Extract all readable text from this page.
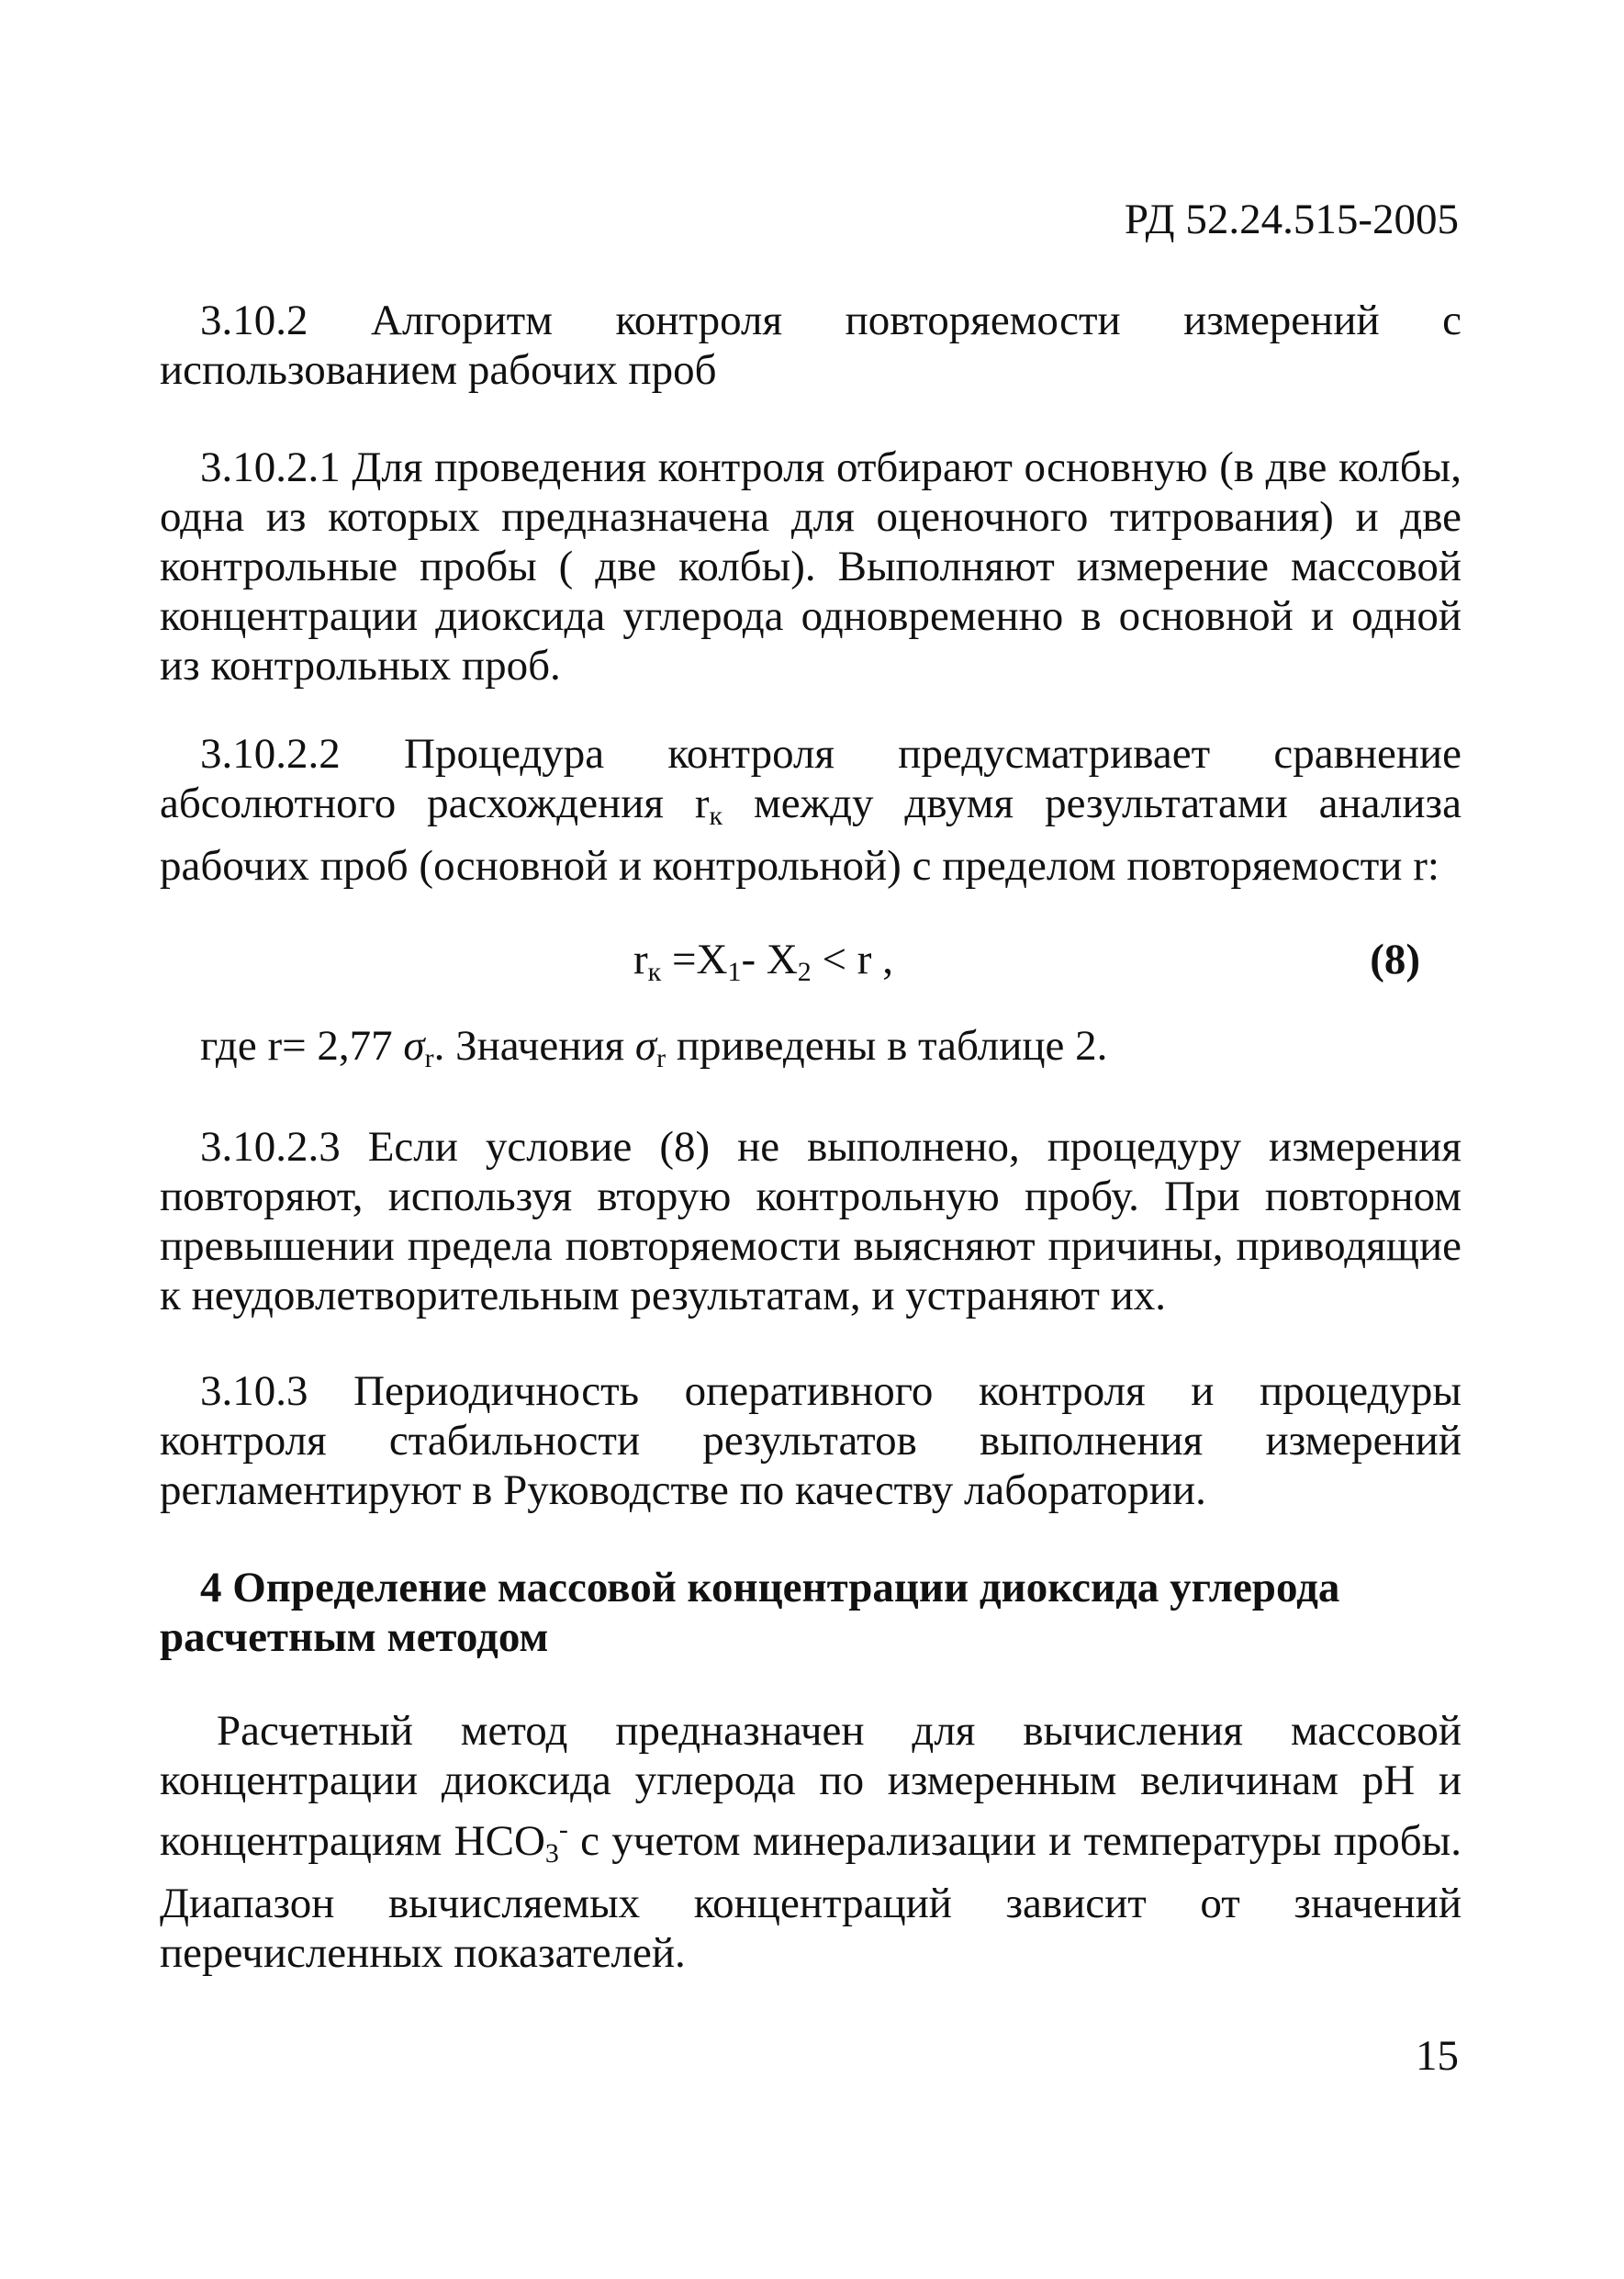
РД 52.24.515-2005
3.10.2 Алгоритм контроля повторяемости измерений с
использованием рабочих проб
3.10.2.1 Для проведения контроля отбирают основную (в две колбы, одна из которых предназначена для оценочного титрования) и две контрольные пробы ( две колбы). Выполняют измерение массовой концентрации диоксида углерода одновременно в основной и одной из контрольных проб.
3.10.2.2 Процедура контроля предусматривает сравнение абсолютного расхождения $r_к$ между двумя результатами анализа рабочих проб (основной и контрольной) с пределом повторяемости r:
$r_к =X_1-$ $X_2 < r$ ,	(8)
где r= 2,77 $\sigma_r$. Значения $\sigma_r$ приведены в таблице 2.
3.10.2.3 Если условие (8) не выполнено, процедуру измерения повторяют, используя вторую контрольную пробу. При повторном превышении предела повторяемости выясняют причины, приводящие к неудовлетворительным результатам, и устраняют их.
3.10.3 Периодичность оперативного контроля и процедуры контроля стабильности результатов выполнения измерений регламентируют в Руководстве по качеству лаборатории.
4 Определение массовой концентрации диоксида углерода
расчетным методом
Расчетный метод предназначен для вычисления массовой концентрации диоксида углерода по измеренным величинам pH и концентрациям $HCO_3^-$ с учетом минерализации и температуры пробы. Диапазон вычисляемых концентраций зависит от значений перечисленных показателей.
15
